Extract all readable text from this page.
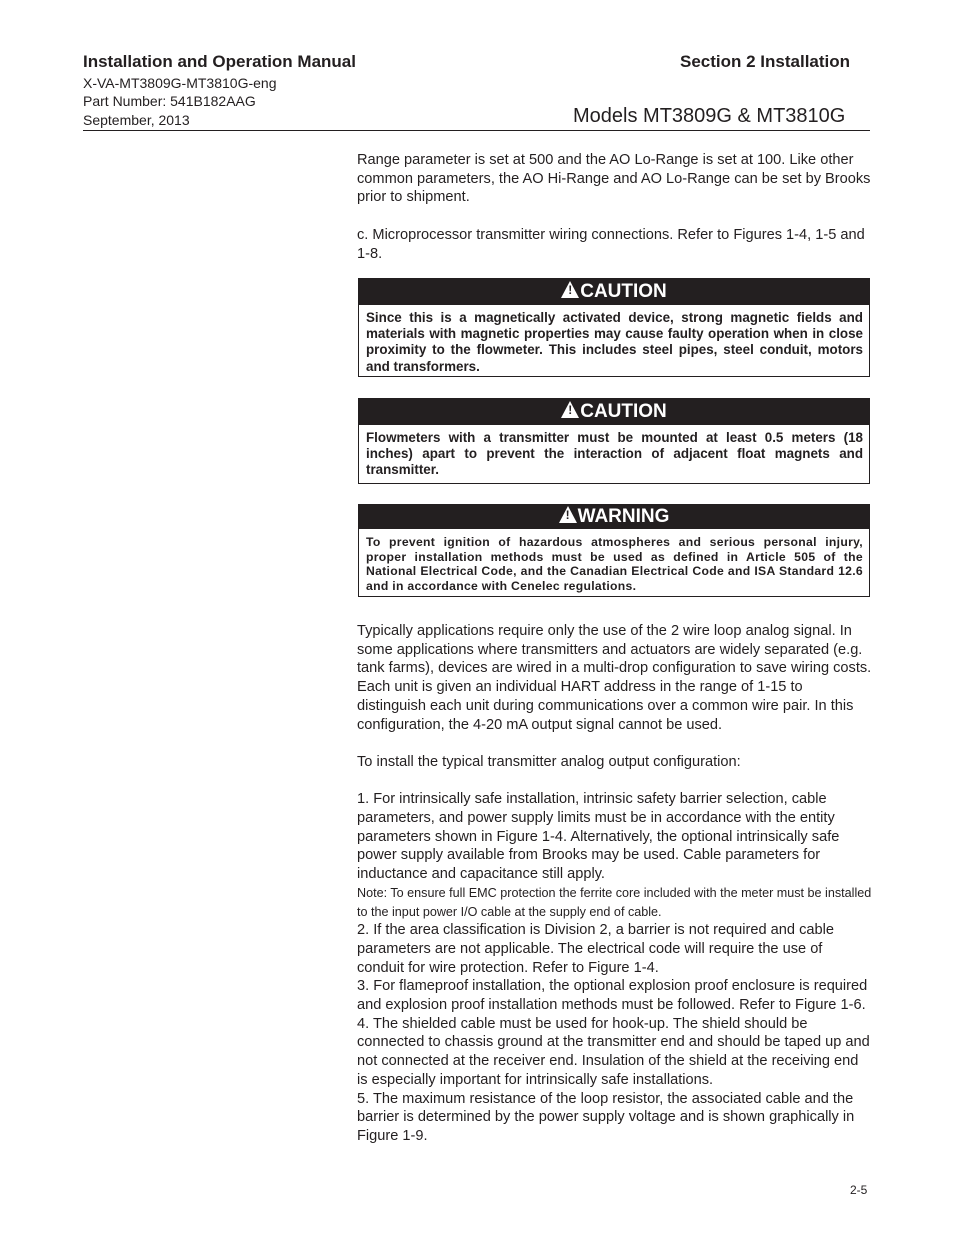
Installation and Operation Manual
X-VA-MT3809G-MT3810G-eng
Part Number: 541B182AAG
September, 2013
Section 2 Installation
Models MT3809G & MT3810G

Range parameter is set at 500 and the AO Lo-Range is set at 100. Like other common parameters, the AO Hi-Range and AO Lo-Range can be set by Brooks prior to shipment.

c. Microprocessor transmitter wiring connections. Refer to Figures 1-4, 1-5 and 1-8.

! CAUTION
Since this is a magnetically activated device, strong magnetic fields and materials with magnetic properties may cause faulty operation when in close proximity to the flowmeter. This includes steel pipes, steel conduit, motors and transformers.
! CAUTION
Flowmeters with a transmitter must be mounted at least 0.5 meters (18 inches) apart to prevent the interaction of adjacent float magnets and transmitter.
! WARNING
To prevent ignition of hazardous atmospheres and serious personal injury, proper installation methods must be used as defined in Article 505 of the National Electrical Code, and the Canadian Electrical Code and ISA Standard 12.6 and in accordance with Cenelec regulations.

Typically applications require only the use of the 2 wire loop analog signal. In some applications where transmitters and actuators are widely separated (e.g. tank farms), devices are wired in a multi-drop configuration to save wiring costs. Each unit is given an individual HART address in the range of 1-15 to distinguish each unit during communications over a common wire pair. In this configuration, the 4-20 mA output signal cannot be used.

To install the typical transmitter analog output configuration:

1. For intrinsically safe installation, intrinsic safety barrier selection, cable parameters, and power supply limits must be in accordance with the entity parameters shown in Figure 1-4. Alternatively, the optional intrinsically safe power supply available from Brooks may be used. Cable parameters for inductance and capacitance still apply.

Note: To ensure full EMC protection the ferrite core included with the meter must be installed to the input power I/O cable at the supply end of cable.

2. If the area classification is Division 2, a barrier is not required and cable parameters are not applicable. The electrical code will require the use of conduit for wire protection. Refer to Figure 1-4.

3. For flameproof installation, the optional explosion proof enclosure is required and explosion proof installation methods must be followed. Refer to Figure 1-6.

4. The shielded cable must be used for hook-up. The shield should be connected to chassis ground at the transmitter end and should be taped up and not connected at the receiver end. Insulation of the shield at the receiving end is especially important for intrinsically safe installations.

5. The maximum resistance of the loop resistor, the associated cable and the barrier is determined by the power supply voltage and is shown graphically in Figure 1-9.

2-5
